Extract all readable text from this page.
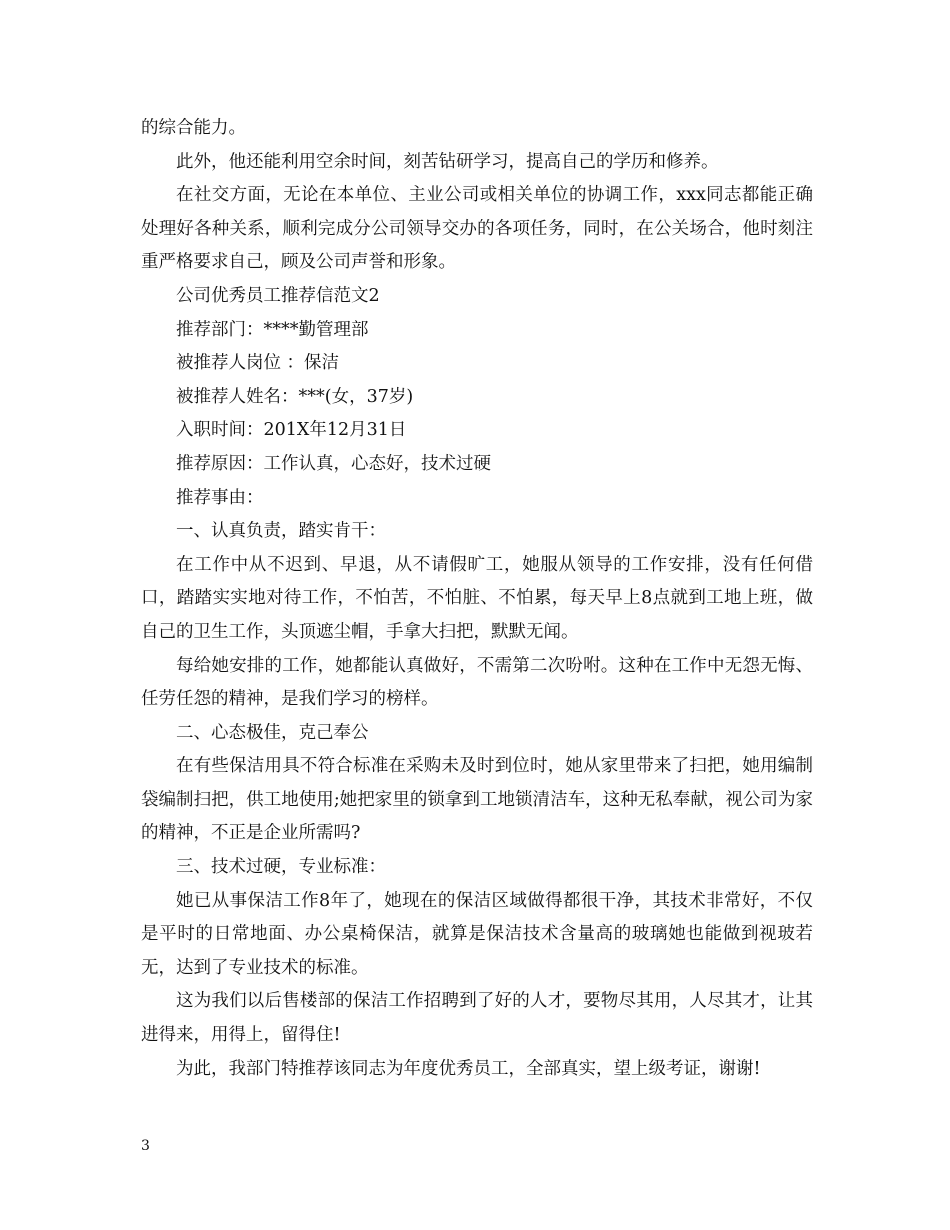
的综合能力。

此外，他还能利用空余时间，刻苦钻研学习，提高自己的学历和修养。

在社交方面，无论在本单位、主业公司或相关单位的协调工作，xxx同志都能正确处理好各种关系，顺利完成分公司领导交办的各项任务，同时，在公关场合，他时刻注重严格要求自己，顾及公司声誉和形象。

公司优秀员工推荐信范文2

推荐部门：****勤管理部

被推荐人岗位 ：保洁

被推荐人姓名：***(女，37岁)

入职时间：201X年12月31日

推荐原因：工作认真，心态好，技术过硬

推荐事由：

一、认真负责，踏实肯干：

在工作中从不迟到、早退，从不请假旷工，她服从领导的工作安排，没有任何借口，踏踏实实地对待工作，不怕苦，不怕脏、不怕累，每天早上8点就到工地上班，做自己的卫生工作，头顶遮尘帽，手拿大扫把，默默无闻。

每给她安排的工作，她都能认真做好，不需第二次吩咐。这种在工作中无怨无悔、任劳任怨的精神，是我们学习的榜样。

二、心态极佳，克己奉公

在有些保洁用具不符合标准在采购未及时到位时，她从家里带来了扫把，她用编制袋编制扫把，供工地使用;她把家里的锁拿到工地锁清洁车，这种无私奉献，视公司为家的精神，不正是企业所需吗?

三、技术过硬，专业标准：

她已从事保洁工作8年了，她现在的保洁区域做得都很干净，其技术非常好，不仅是平时的日常地面、办公桌椅保洁，就算是保洁技术含量高的玻璃她也能做到视玻若无，达到了专业技术的标准。

这为我们以后售楼部的保洁工作招聘到了好的人才，要物尽其用，人尽其才，让其进得来，用得上，留得住!

为此，我部门特推荐该同志为年度优秀员工，全部真实，望上级考证，谢谢!

3
